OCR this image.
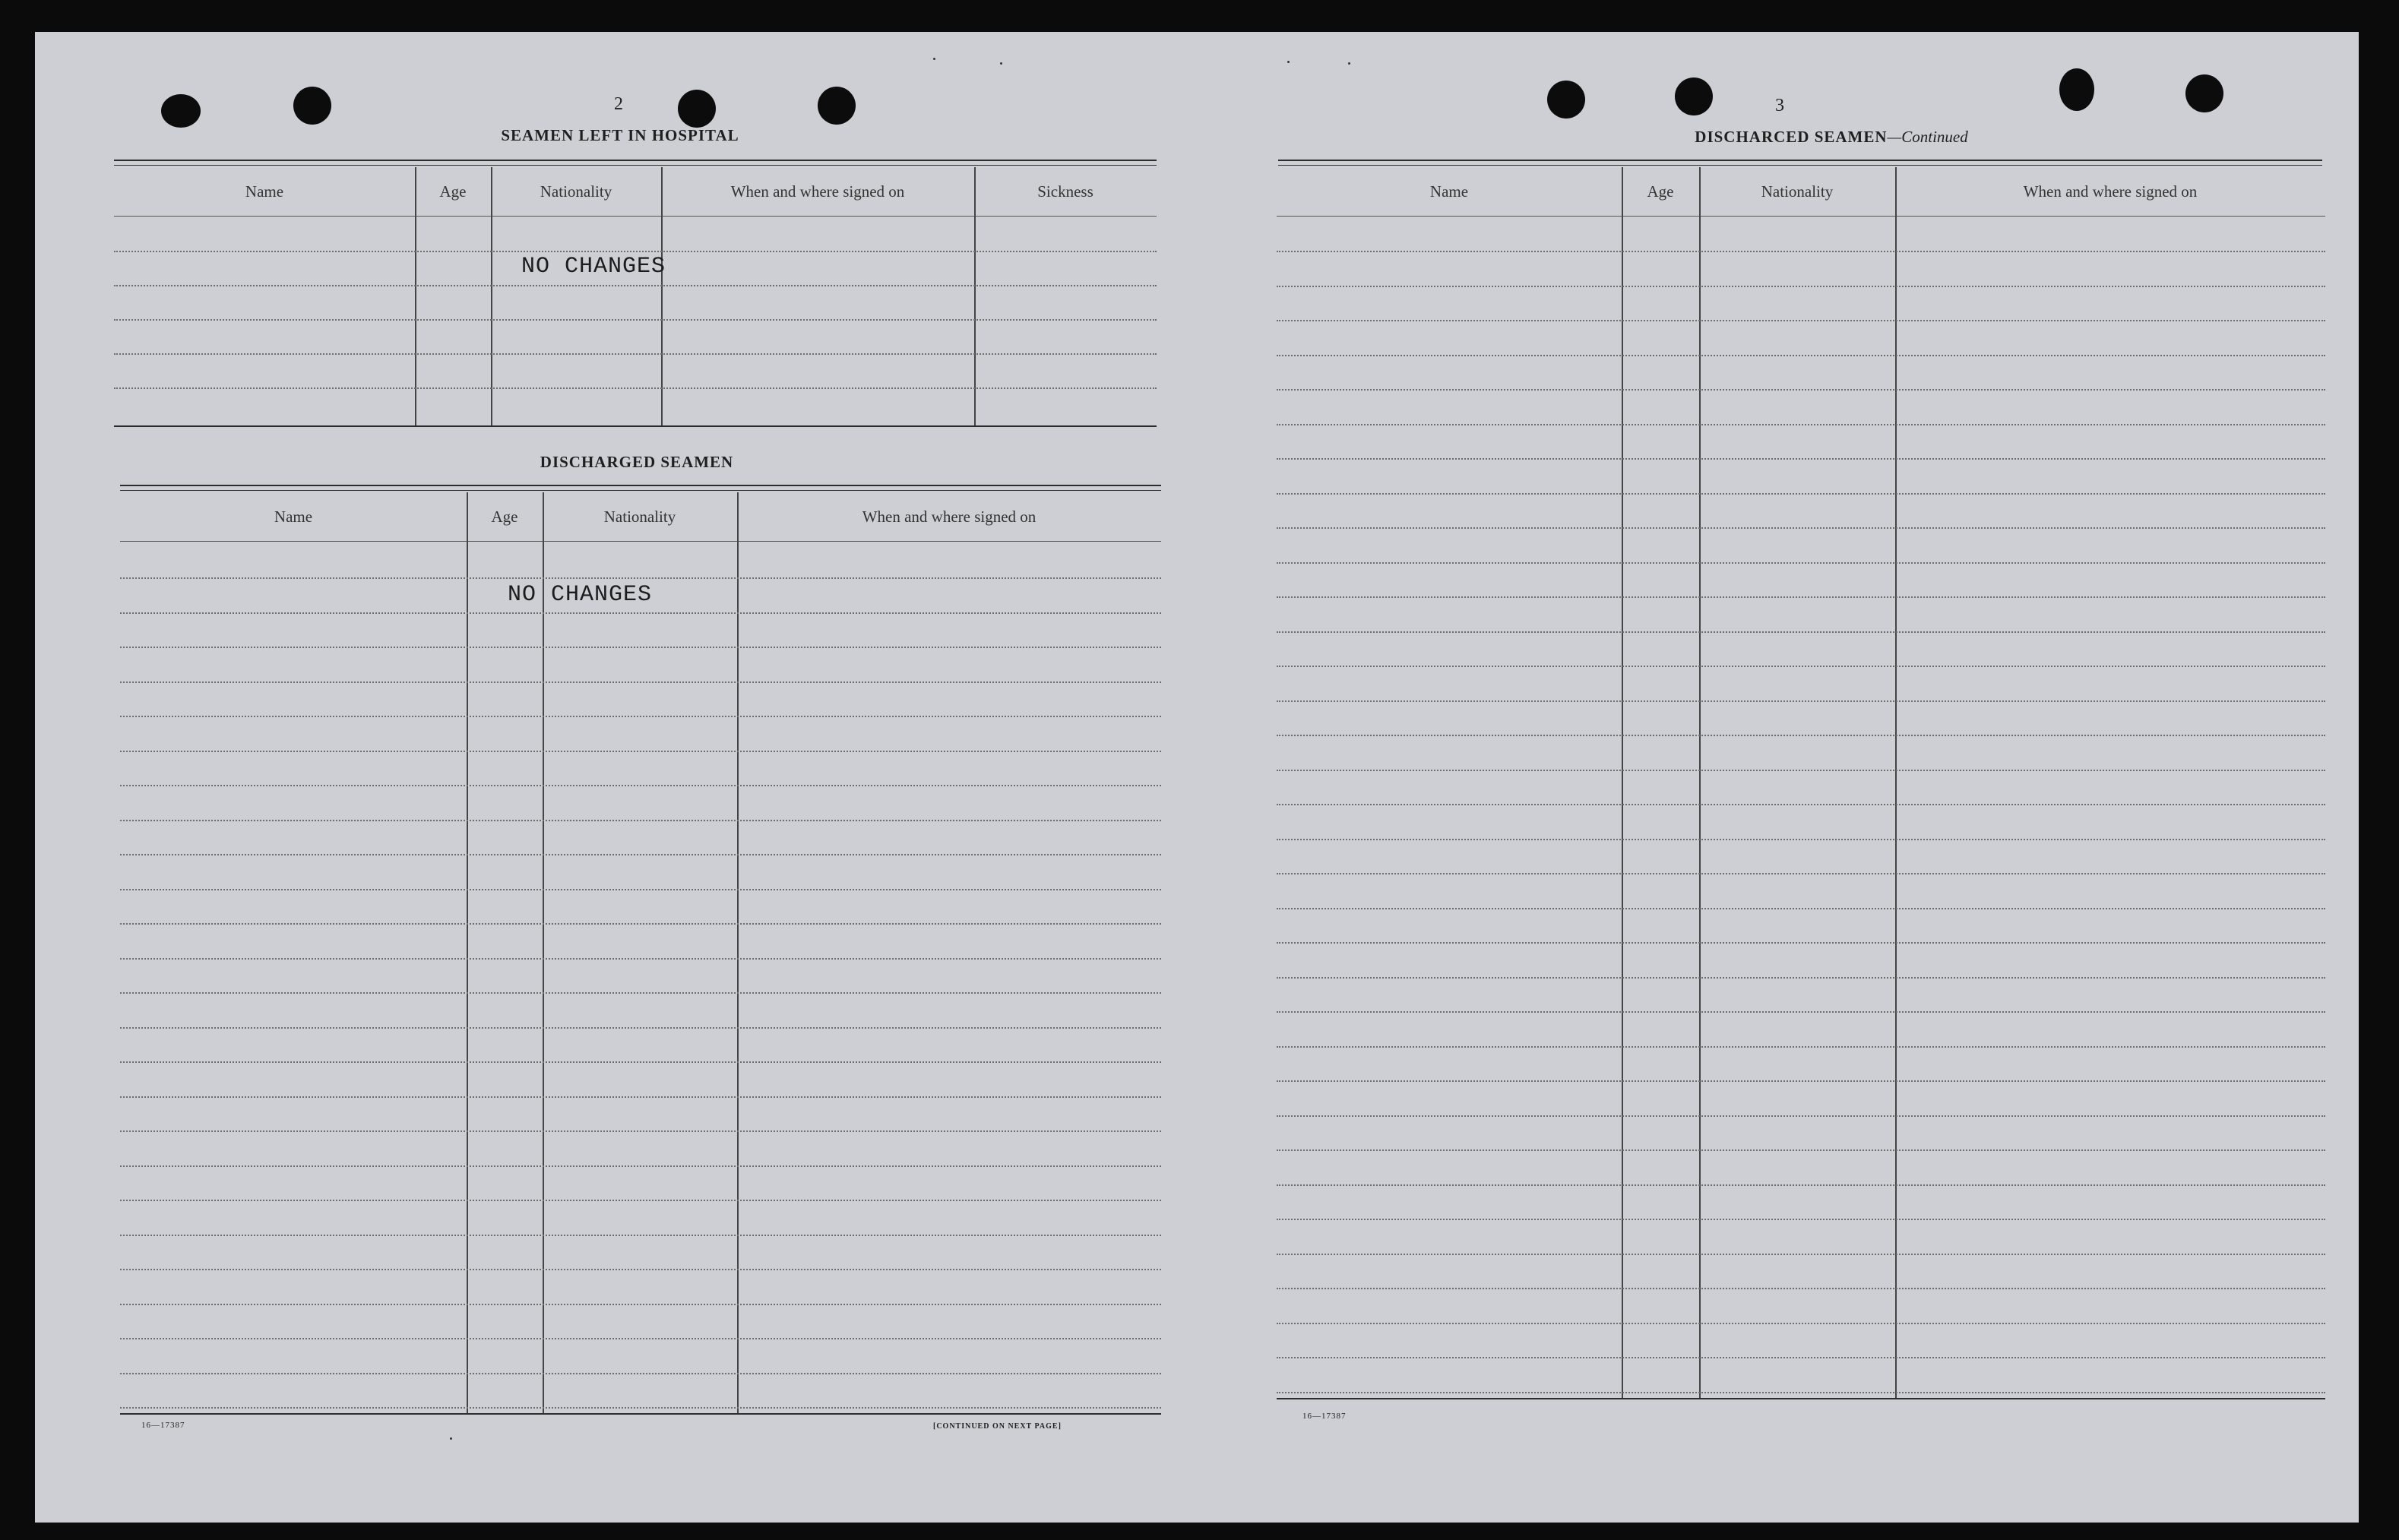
2
SEAMEN LEFT IN HOSPITAL
Name	Age	Nationality	When and where signed on	Sickness
NO CHANGES
DISCHARGED SEAMEN
Name	Age	Nationality	When and where signed on
NO CHANGES
16—17387	[CONTINUED ON NEXT PAGE]
3
DISCHARCED SEAMEN—Continued
Name	Age	Nationality	When and where signed on
16—17387
